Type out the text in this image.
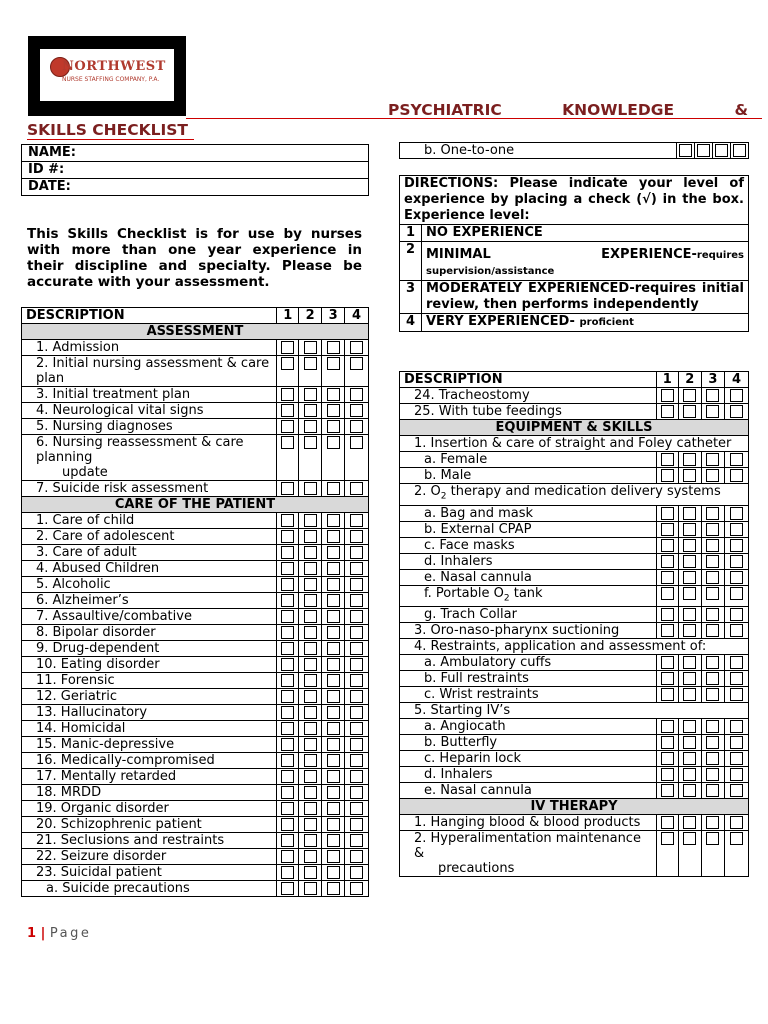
NORTHWEST
NURSE STAFFING COMPANY, P.A.
PSYCHIATRIC	KNOWLEDGE	&
SKILLS CHECKLIST
NAME:
ID #:
DATE:
This Skills Checklist is for use by nurses with more than one year experience in their discipline and specialty. Please be accurate with your assessment.
DESCRIPTION	1	2	3	4
ASSESSMENT				
1. Admission	

2. Initial nursing assessment & care plan	

3. Initial treatment plan	

4. Neurological vital signs	

5. Nursing diagnoses	

6. Nursing reassessment & care planning
update				

7. Suicide risk assessment	

CARE OF THE PATIENT				
1. Care of child	

2. Care of adolescent	

3. Care of adult	

4. Abused Children	

5. Alcoholic	

6. Alzheimer’s	

7. Assaultive/combative	

8. Bipolar disorder	

9. Drug-dependent	

10. Eating disorder	

11. Forensic	

12. Geriatric	

13. Hallucinatory	

14. Homicidal	

15. Manic-depressive	

16. Medically-compromised	

17. Mentally retarded	

18. MRDD	

19. Organic disorder	

20. Schizophrenic patient	

21. Seclusions and restraints	

22. Seizure disorder	

23. Suicidal patient	

a. Suicide precautions	

b. One-to-one	

DIRECTIONS: Please indicate your level of experience by placing a check (√) in the box. Experience level:	
1	NO EXPERIENCE
2	MINIMAL EXPERIENCE-requires
supervision/assistance

3	MODERATELY EXPERIENCED-requires initial review, then performs independently
4	VERY EXPERIENCED- proficient
DESCRIPTION	1	2	3	4
24. Tracheostomy	

25. With tube feedings	

EQUIPMENT & SKILLS				
1. Insertion & care of straight and Foley catheter				
a. Female	

b. Male	

2. $O_2$ therapy and medication delivery systems				
a. Bag and mask	

b. External CPAP	

c. Face masks	

d. Inhalers	

e. Nasal cannula	

f. Portable $O_2$ tank	

g. Trach Collar	

3. Oro-naso-pharynx suctioning	

4. Restraints, application and assessment of:				
a. Ambulatory cuffs	

b. Full restraints	

c. Wrist restraints	

5. Starting IV’s				
a. Angiocath	

b. Butterfly	

c. Heparin lock	

d. Inhalers	

e. Nasal cannula	

IV THERAPY				
1. Hanging blood & blood products	

2. Hyperalimentation maintenance &
precautions				

1 | Page
